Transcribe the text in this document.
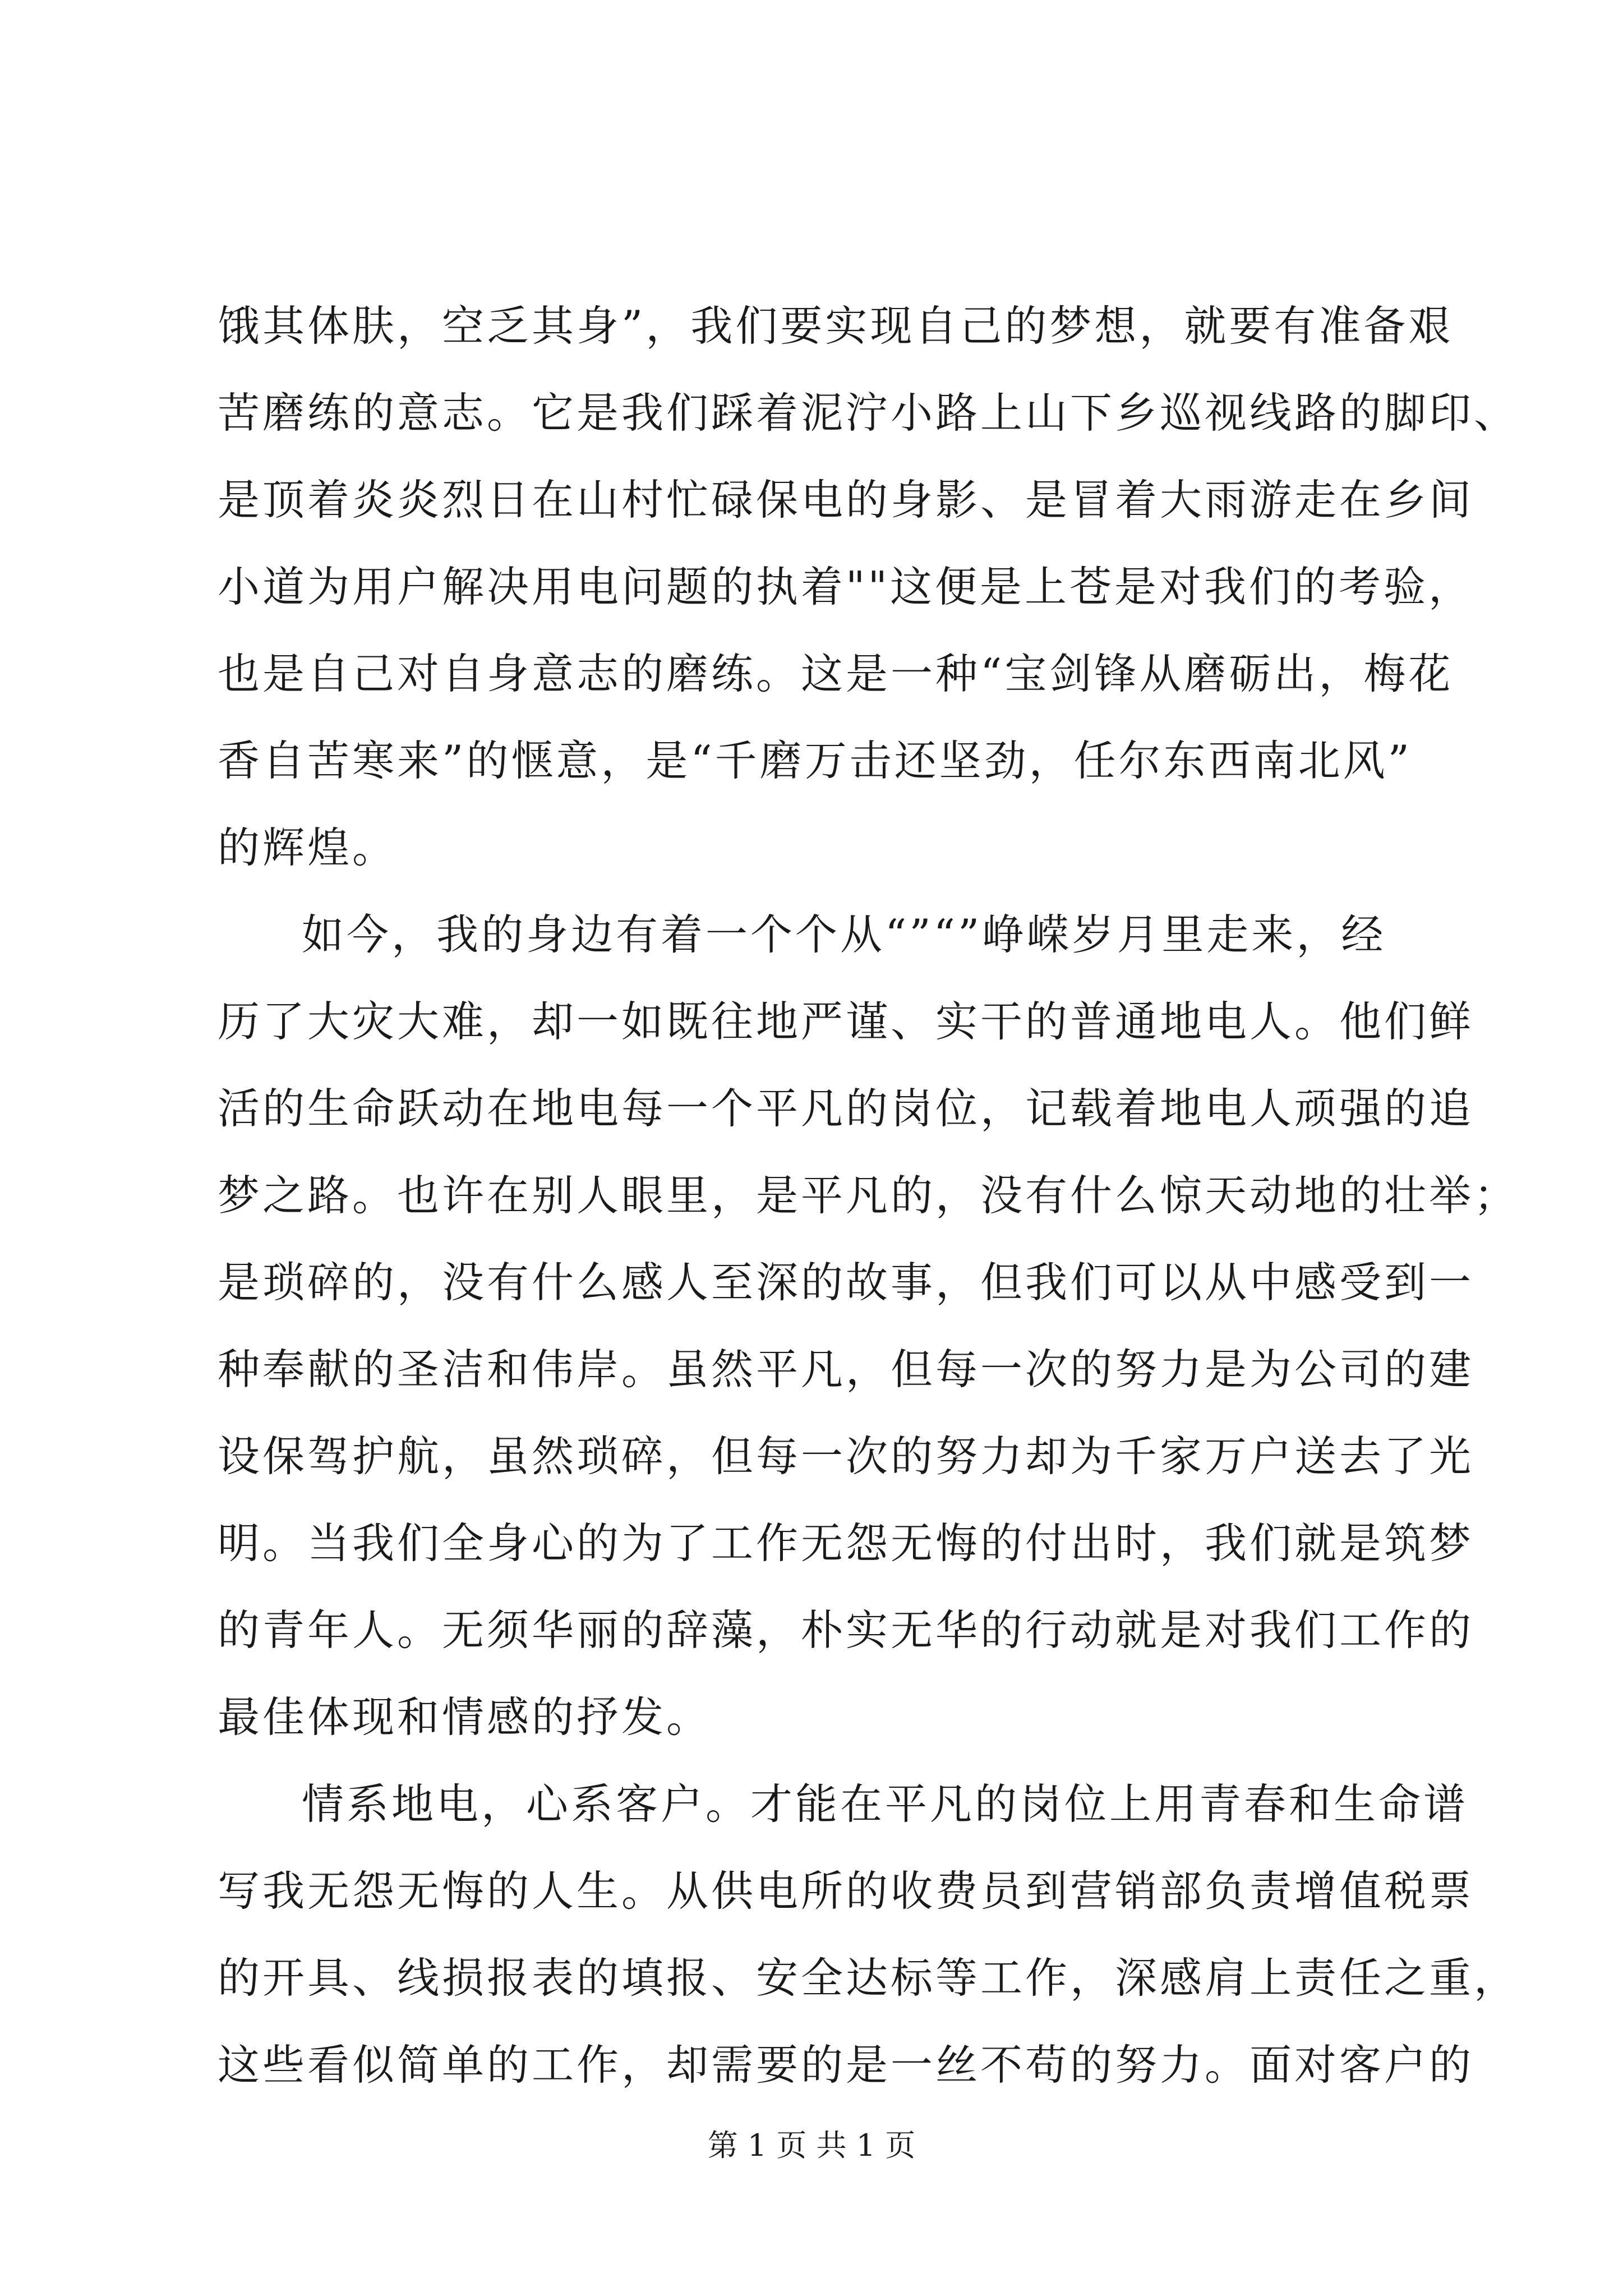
饿其体肤，空乏其身”，我们要实现自己的梦想，就要有准备艰
苦磨练的意志。它是我们踩着泥泞小路上山下乡巡视线路的脚印、
是顶着炎炎烈日在山村忙碌保电的身影、是冒着大雨游走在乡间
小道为用户解决用电问题的执着""这便是上苍是对我们的考验，
也是自己对自身意志的磨练。这是一种“宝剑锋从磨砺出，梅花
香自苦寒来”的惬意，是“千磨万击还坚劲，任尔东西南北风”
的辉煌。
如今，我的身边有着一个个从“”“”峥嵘岁月里走来，经
历了大灾大难，却一如既往地严谨、实干的普通地电人。他们鲜
活的生命跃动在地电每一个平凡的岗位，记载着地电人顽强的追
梦之路。也许在别人眼里，是平凡的，没有什么惊天动地的壮举；
是琐碎的，没有什么感人至深的故事，但我们可以从中感受到一
种奉献的圣洁和伟岸。虽然平凡，但每一次的努力是为公司的建
设保驾护航，虽然琐碎，但每一次的努力却为千家万户送去了光
明。当我们全身心的为了工作无怨无悔的付出时，我们就是筑梦
的青年人。无须华丽的辞藻，朴实无华的行动就是对我们工作的
最佳体现和情感的抒发。
情系地电，心系客户。才能在平凡的岗位上用青春和生命谱
写我无怨无悔的人生。从供电所的收费员到营销部负责增值税票
的开具、线损报表的填报、安全达标等工作，深感肩上责任之重，
这些看似简单的工作，却需要的是一丝不苟的努力。面对客户的
第 1 页 共 1 页
